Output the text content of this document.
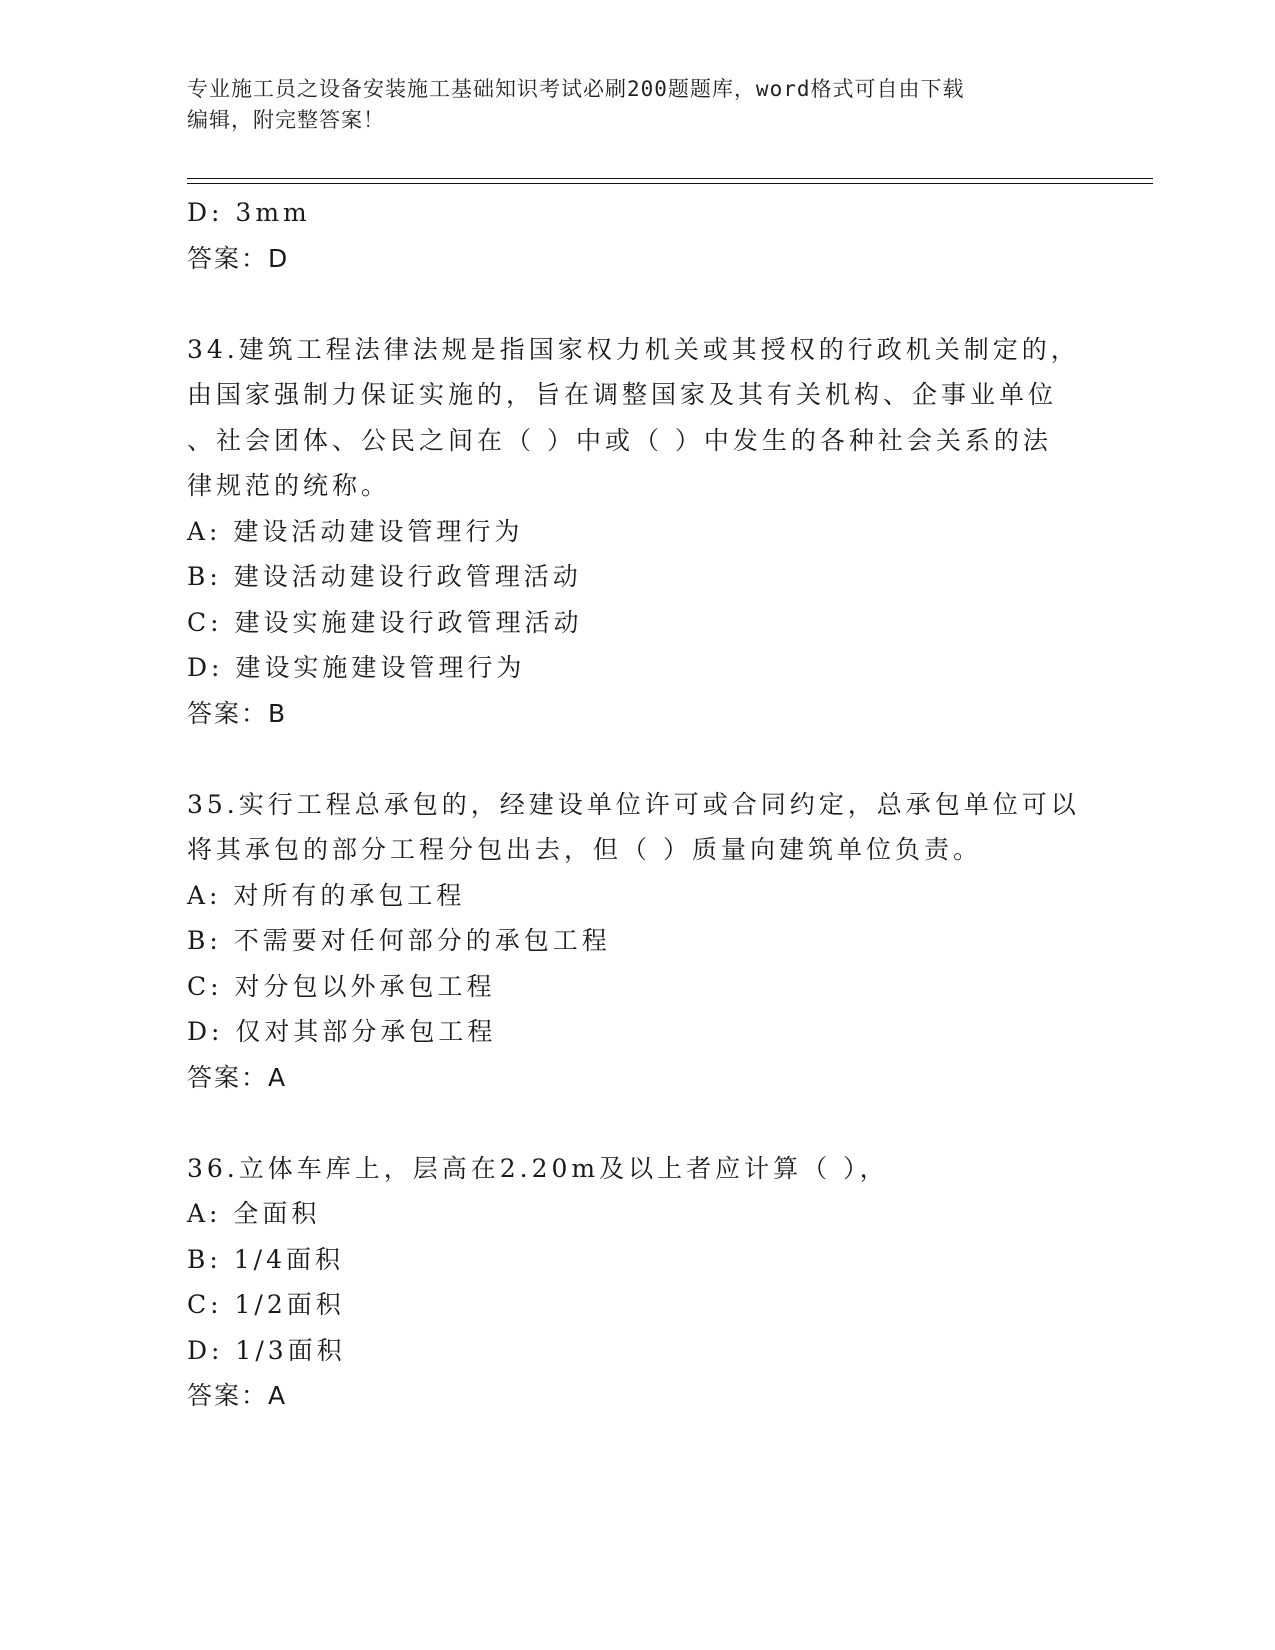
专业施工员之设备安装施工基础知识考试必刷200题题库，word格式可自由下载
编辑，附完整答案！
D: 3mm
答案：D
34.建筑工程法律法规是指国家权力机关或其授权的行政机关制定的，
由国家强制力保证实施的，旨在调整国家及其有关机构、企事业单位
、社会团体、公民之间在（ ）中或（ ）中发生的各种社会关系的法
律规范的统称。
A: 建设活动建设管理行为
B: 建设活动建设行政管理活动
C: 建设实施建设行政管理活动
D: 建设实施建设管理行为
答案：B
35.实行工程总承包的，经建设单位许可或合同约定，总承包单位可以
将其承包的部分工程分包出去，但（ ）质量向建筑单位负责。
A: 对所有的承包工程
B: 不需要对任何部分的承包工程
C: 对分包以外承包工程
D: 仅对其部分承包工程
答案：A
36.立体车库上，层高在2.20m及以上者应计算（ ），
A: 全面积
B: 1/4面积
C: 1/2面积
D: 1/3面积
答案：A
